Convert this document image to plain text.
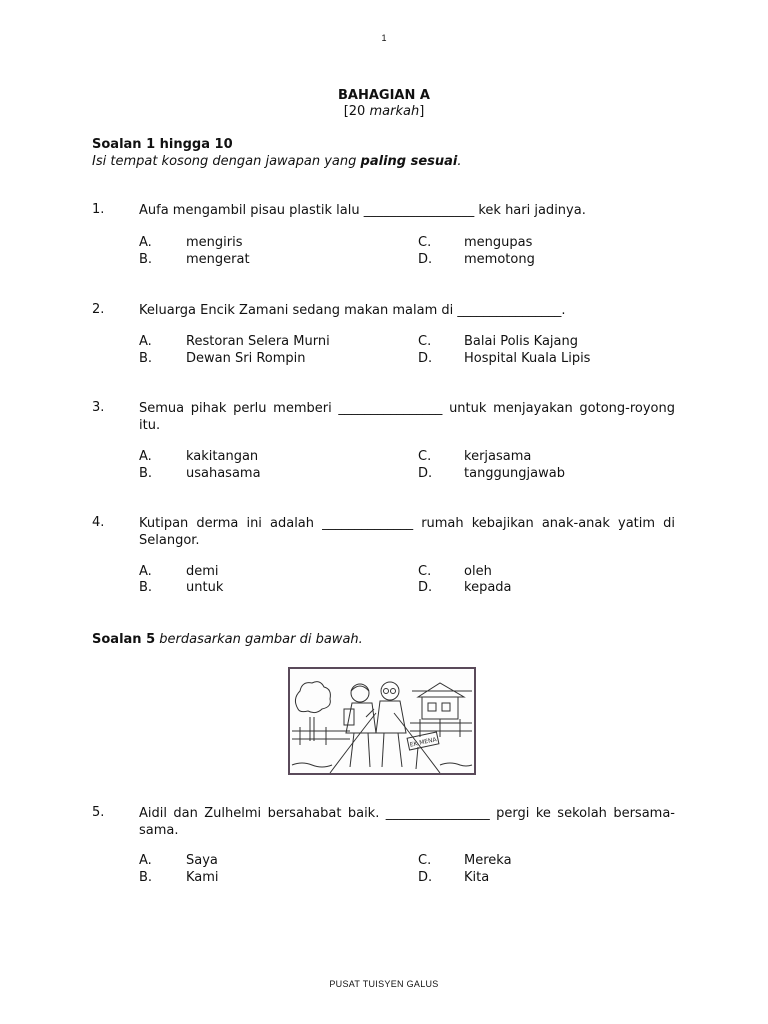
1
BAHAGIAN A
[20 markah]
Soalan 1 hingga 10
Isi tempat kosong dengan jawapan yang paling sesuai.
1.	Aufa mengambil pisau plastik lalu _________________ kek hari jadinya.
A.	mengiris
B.	mengerat
C.	mengupas
D. memotong
2.	Keluarga Encik Zamani sedang makan malam di ________________.
A.	Restoran Selera Murni
B.	Dewan Sri Rompin
C.	Balai Polis Kajang
D. Hospital Kuala Lipis
3.	Semua pihak perlu memberi ________________ untuk menjayakan gotong-royong itu.
A.	kakitangan
B.	usahasama
C.	kerjasama
D. tanggungjawab
4.	Kutipan derma ini adalah ______________ rumah kebajikan anak-anak yatim di Selangor.
A.	demi
B.	untuk
C.	oleh
D. kepada
Soalan 5 berdasarkan gambar di bawah.
EK MENA
5.	Aidil dan Zulhelmi bersahabat baik. ________________ pergi ke sekolah bersama-sama.
A.	Saya
B.	Kami
C.	Mereka
D. Kita
PUSAT TUISYEN GALUS
